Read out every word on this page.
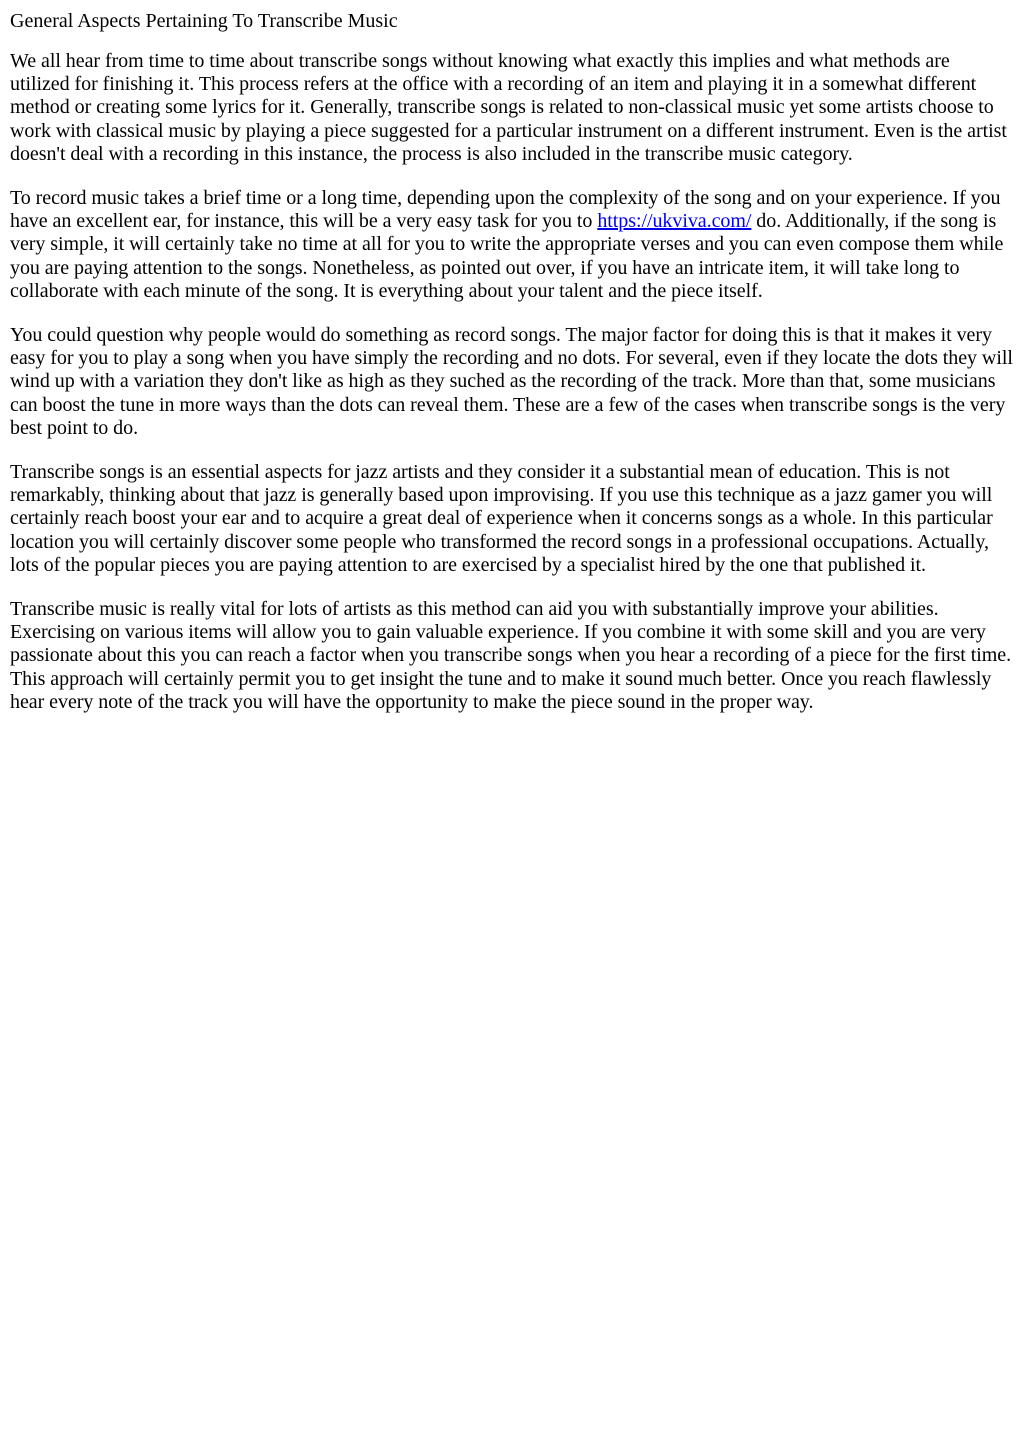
General Aspects Pertaining To Transcribe Music

We all hear from time to time about transcribe songs without knowing what exactly this implies and what methods are utilized for finishing it. This process refers at the office with a recording of an item and playing it in a somewhat different method or creating some lyrics for it. Generally, transcribe songs is related to non-classical music yet some artists choose to work with classical music by playing a piece suggested for a particular instrument on a different instrument. Even is the artist doesn't deal with a recording in this instance, the process is also included in the transcribe music category.

To record music takes a brief time or a long time, depending upon the complexity of the song and on your experience. If you have an excellent ear, for instance, this will be a very easy task for you to https://ukviva.com/ do. Additionally, if the song is very simple, it will certainly take no time at all for you to write the appropriate verses and you can even compose them while you are paying attention to the songs. Nonetheless, as pointed out over, if you have an intricate item, it will take long to collaborate with each minute of the song. It is everything about your talent and the piece itself.

You could question why people would do something as record songs. The major factor for doing this is that it makes it very easy for you to play a song when you have simply the recording and no dots. For several, even if they locate the dots they will wind up with a variation they don't like as high as they suched as the recording of the track. More than that, some musicians can boost the tune in more ways than the dots can reveal them. These are a few of the cases when transcribe songs is the very best point to do.

Transcribe songs is an essential aspects for jazz artists and they consider it a substantial mean of education. This is not remarkably, thinking about that jazz is generally based upon improvising. If you use this technique as a jazz gamer you will certainly reach boost your ear and to acquire a great deal of experience when it concerns songs as a whole. In this particular location you will certainly discover some people who transformed the record songs in a professional occupations. Actually, lots of the popular pieces you are paying attention to are exercised by a specialist hired by the one that published it.

Transcribe music is really vital for lots of artists as this method can aid you with substantially improve your abilities. Exercising on various items will allow you to gain valuable experience. If you combine it with some skill and you are very passionate about this you can reach a factor when you transcribe songs when you hear a recording of a piece for the first time. This approach will certainly permit you to get insight the tune and to make it sound much better. Once you reach flawlessly hear every note of the track you will have the opportunity to make the piece sound in the proper way.
